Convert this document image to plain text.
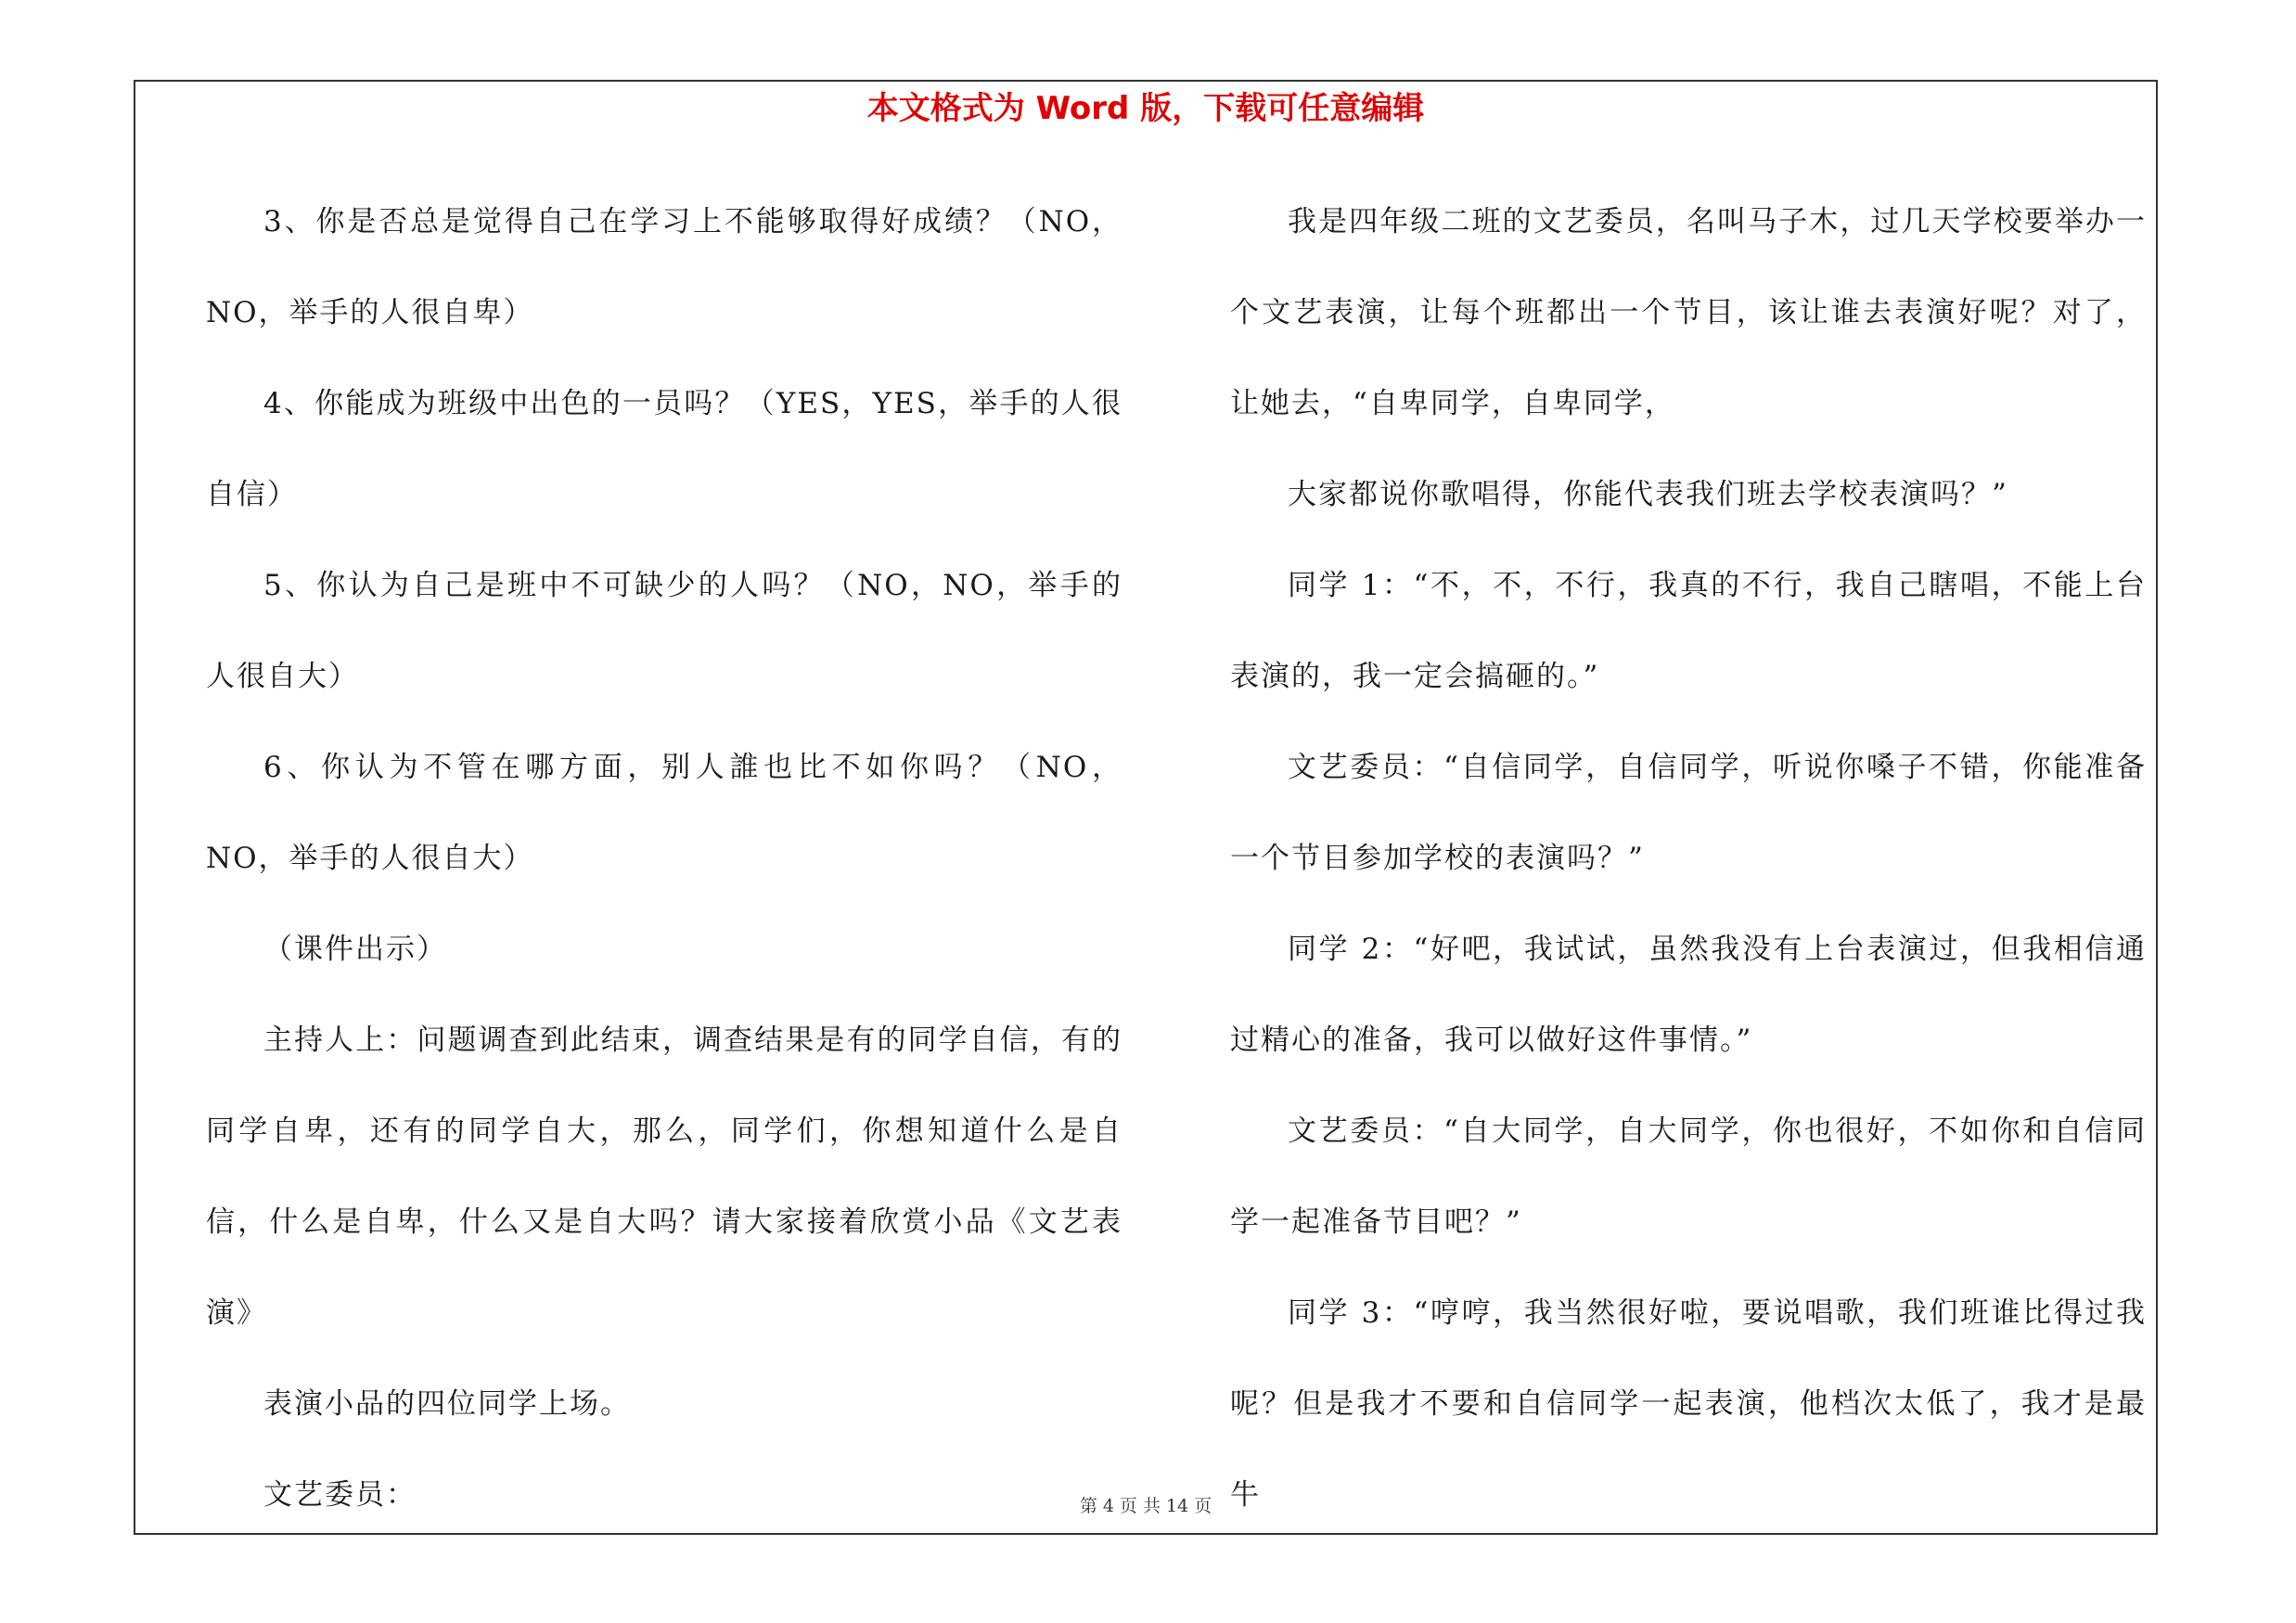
本文格式为 Word 版，下载可任意编辑

3、你是否总是觉得自己在学习上不能够取得好成绩？（NO，NO，举手的人很自卑）

4、你能成为班级中出色的一员吗？（YES，YES，举手的人很自信）

5、你认为自己是班中不可缺少的人吗？（NO，NO，举手的人很自大）

6、你认为不管在哪方面，别人誰也比不如你吗？（NO，NO，举手的人很自大）

（课件出示）

主持人上：问题调查到此结束，调查结果是有的同学自信，有的同学自卑，还有的同学自大，那么，同学们，你想知道什么是自信，什么是自卑，什么又是自大吗？请大家接着欣赏小品《文艺表演》

表演小品的四位同学上场。

文艺委员：

我是四年级二班的文艺委员，名叫马子木，过几天学校要举办一个文艺表演，让每个班都出一个节目，该让谁去表演好呢？对了，让她去，“自卑同学，自卑同学，

大家都说你歌唱得，你能代表我们班去学校表演吗？”

同学 1：“不，不，不行，我真的不行，我自己瞎唱，不能上台表演的，我一定会搞砸的。”

文艺委员：“自信同学，自信同学，听说你嗓子不错，你能准备一个节目参加学校的表演吗？”

同学 2：“好吧，我试试，虽然我没有上台表演过，但我相信通过精心的准备，我可以做好这件事情。”

文艺委员：“自大同学，自大同学，你也很好，不如你和自信同学一起准备节目吧？”

同学 3：“哼哼，我当然很好啦，要说唱歌，我们班谁比得过我呢？但是我才不要和自信同学一起表演，他档次太低了，我才是最牛

第 4 页 共 14 页
